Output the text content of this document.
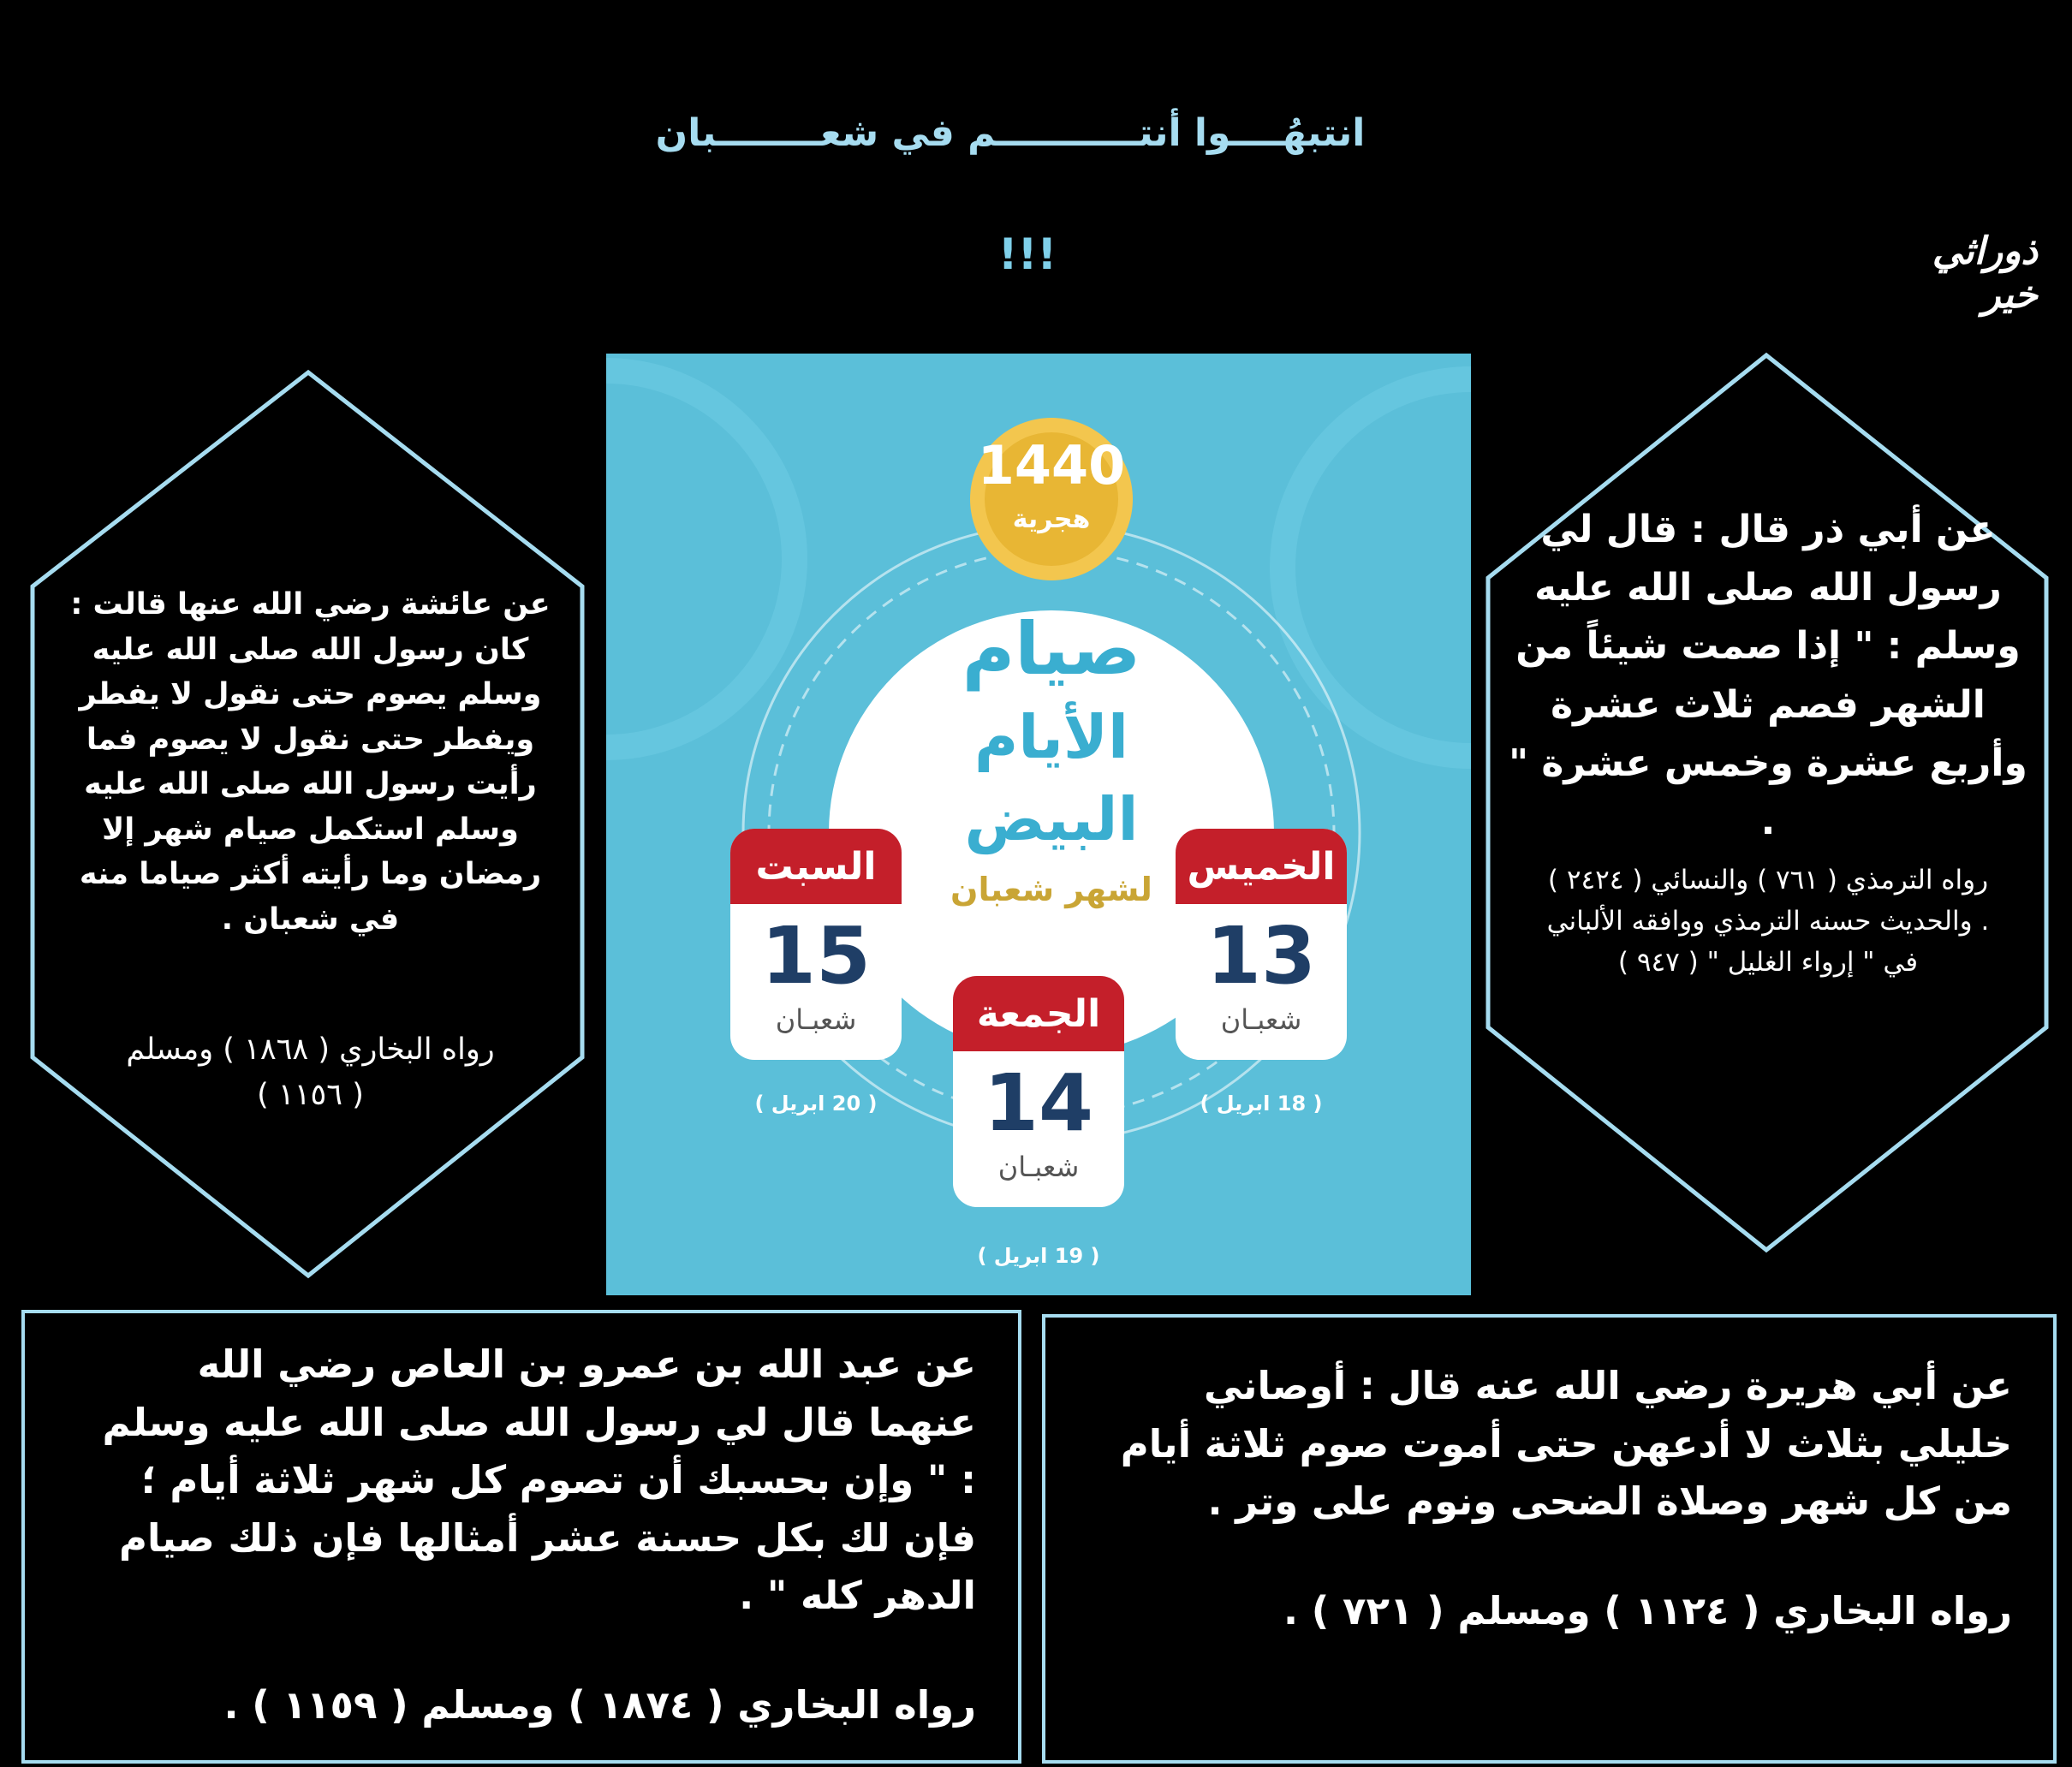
انتبهُــــوا أنتـــــــــــم في شعــــــــبان
!!!	ذوراثي خير
عن عائشة رضي الله عنها قالت : كان رسول الله صلى الله عليه وسلم يصوم حتى نقول لا يفطر ويفطر حتى نقول لا يصوم فما رأيت رسول الله صلى الله عليه وسلم استكمل صيام شهر إلا رمضان وما رأيته أكثر صياما منه في شعبان .
رواه البخاري ( ١٨٦٨ ) ومسلم ( ١١٥٦ )
عن أبي ذر قال : قال لي رسول الله صلى الله عليه وسلم : " إذا صمت شيئاً من الشهر فصم ثلاث عشرة وأربع عشرة وخمس عشرة " .
رواه الترمذي ( ٧٦١ ) والنسائي ( ٢٤٢٤ ) . والحديث حسنه الترمذي ووافقه الألباني في " إرواء الغليل " ( ٩٤٧ )
1440
هجرية
صيام
الأيام البيض
لشهر شعبان
السبت
15
شعبـان
( 20 ابريل )
الخميس
13
شعبـان
( 18 ابريل )
الجمعة
14
شعبـان
( 19 ابريل )
عن عبد الله بن عمرو بن العاص رضي الله عنهما قال لي رسول الله صلى الله عليه وسلم : " وإن بحسبك أن تصوم كل شهر ثلاثة أيام ؛ فإن لك بكل حسنة عشر أمثالها فإن ذلك صيام الدهر كله " .
رواه البخاري ( ١٨٧٤ ) ومسلم ( ١١٥٩ ) .
عن أبي هريرة رضي الله عنه قال : أوصاني خليلي بثلاث لا أدعهن حتى أموت صوم ثلاثة أيام من كل شهر وصلاة الضحى ونوم على وتر .
رواه البخاري ( ١١٢٤ ) ومسلم ( ٧٢١ ) .
